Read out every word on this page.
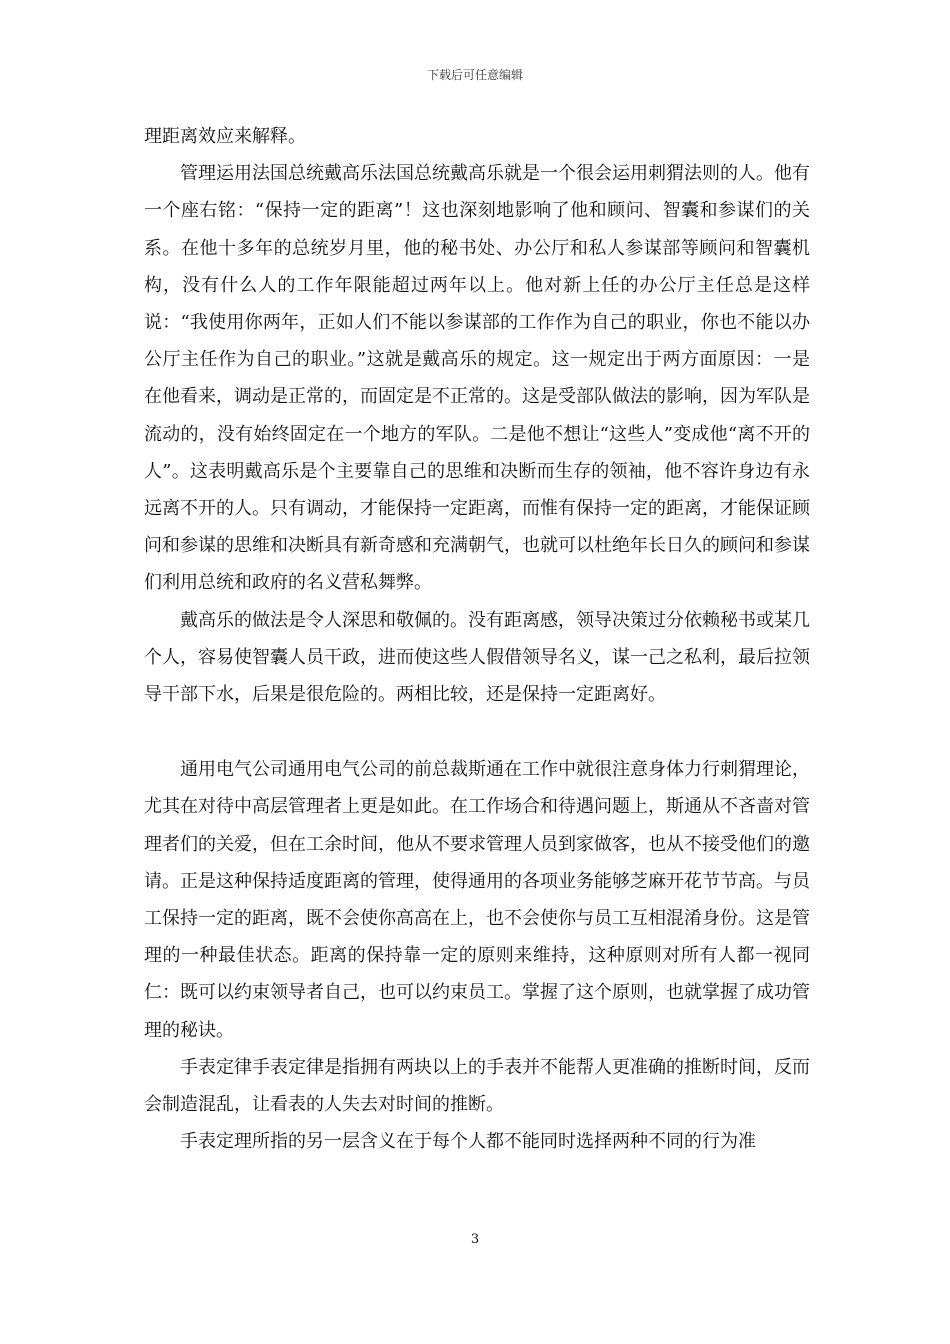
下载后可任意编辑

理距离效应来解释。

管理运用法国总统戴高乐法国总统戴高乐就是一个很会运用刺猬法则的人。他有一个座右铭：“保持一定的距离”！这也深刻地影响了他和顾问、智囊和参谋们的关系。在他十多年的总统岁月里，他的秘书处、办公厅和私人参谋部等顾问和智囊机构，没有什么人的工作年限能超过两年以上。他对新上任的办公厅主任总是这样说：“我使用你两年，正如人们不能以参谋部的工作作为自己的职业，你也不能以办公厅主任作为自己的职业。”这就是戴高乐的规定。这一规定出于两方面原因：一是在他看来，调动是正常的，而固定是不正常的。这是受部队做法的影响，因为军队是流动的，没有始终固定在一个地方的军队。二是他不想让“这些人”变成他“离不开的人”。这表明戴高乐是个主要靠自己的思维和决断而生存的领袖，他不容许身边有永远离不开的人。只有调动，才能保持一定距离，而惟有保持一定的距离，才能保证顾问和参谋的思维和决断具有新奇感和充满朝气，也就可以杜绝年长日久的顾问和参谋们利用总统和政府的名义营私舞弊。

戴高乐的做法是令人深思和敬佩的。没有距离感，领导决策过分依赖秘书或某几个人，容易使智囊人员干政，进而使这些人假借领导名义，谋一己之私利，最后拉领导干部下水，后果是很危险的。两相比较，还是保持一定距离好。

通用电气公司通用电气公司的前总裁斯通在工作中就很注意身体力行刺猬理论，尤其在对待中高层管理者上更是如此。在工作场合和待遇问题上，斯通从不吝啬对管理者们的关爱，但在工余时间，他从不要求管理人员到家做客，也从不接受他们的邀请。正是这种保持适度距离的管理，使得通用的各项业务能够芝麻开花节节高。与员工保持一定的距离，既不会使你高高在上，也不会使你与员工互相混淆身份。这是管理的一种最佳状态。距离的保持靠一定的原则来维持，这种原则对所有人都一视同仁：既可以约束领导者自己，也可以约束员工。掌握了这个原则，也就掌握了成功管理的秘诀。

手表定律手表定律是指拥有两块以上的手表并不能帮人更准确的推断时间，反而会制造混乱，让看表的人失去对时间的推断。

手表定理所指的另一层含义在于每个人都不能同时选择两种不同的行为准

3
